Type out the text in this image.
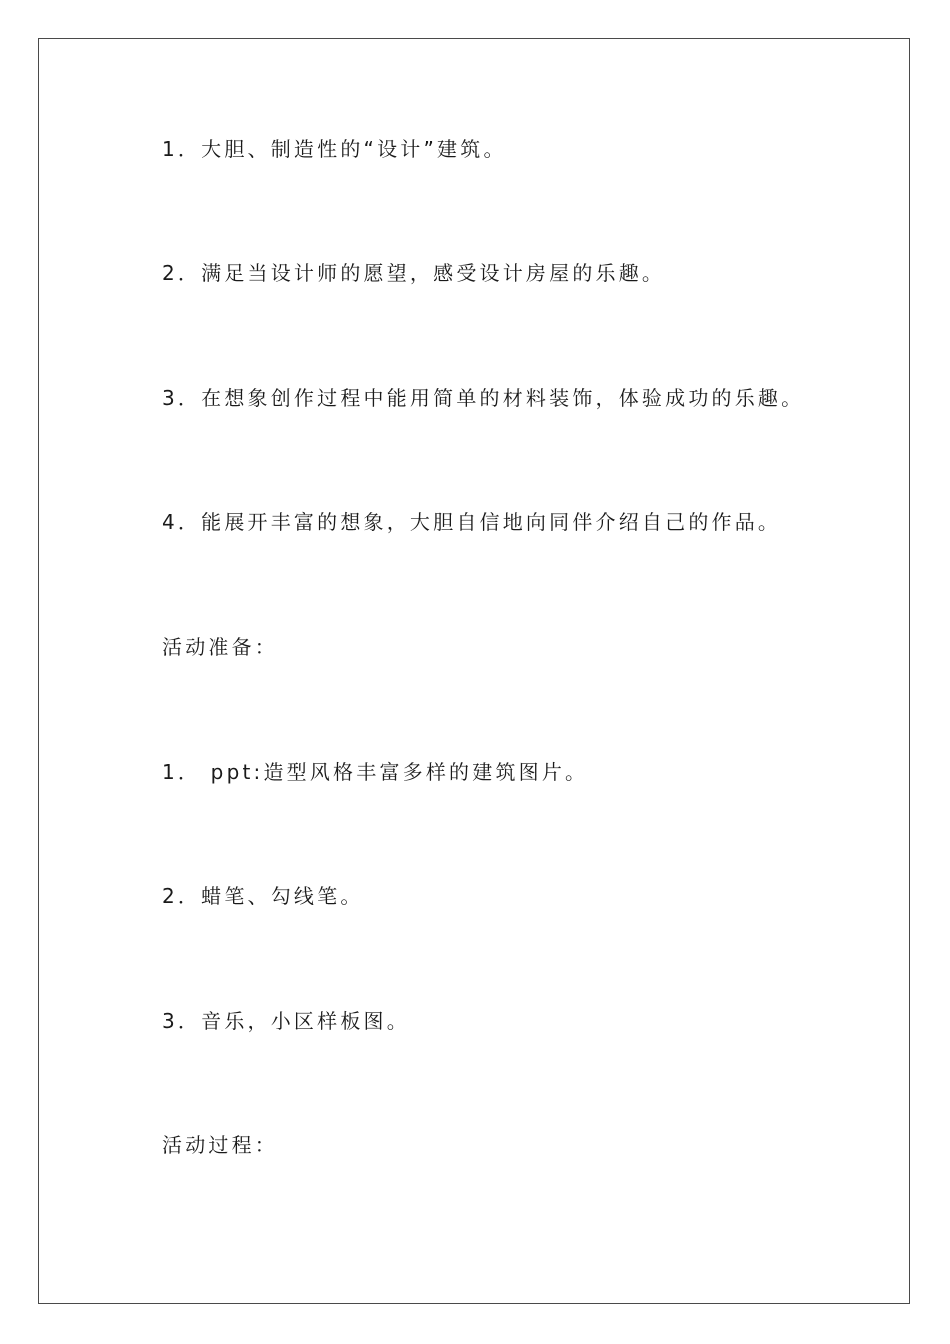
1．大胆、制造性的“设计”建筑。
2．满足当设计师的愿望，感受设计房屋的乐趣。
3．在想象创作过程中能用简单的材料装饰，体验成功的乐趣。
4．能展开丰富的想象，大胆自信地向同伴介绍自己的作品。
活动准备：
1． ppt:造型风格丰富多样的建筑图片。
2．蜡笔、勾线笔。
3．音乐，小区样板图。
活动过程：
